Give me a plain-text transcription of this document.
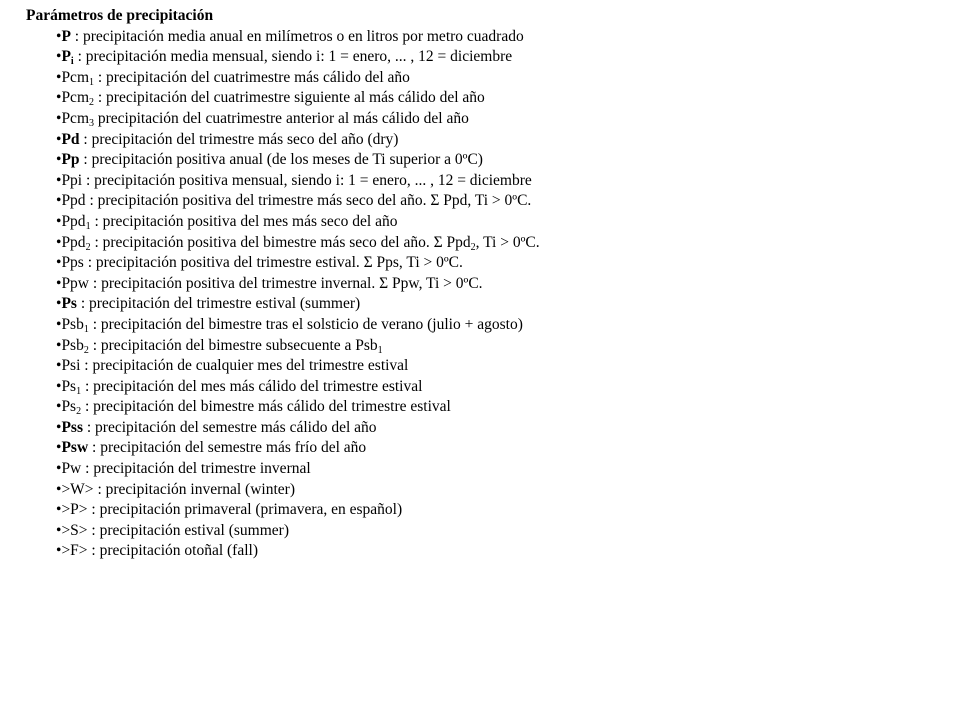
Parámetros de precipitación
•P : precipitación media anual en milímetros o en litros por metro cuadrado
$•P_i$ : precipitación media mensual, siendo i: 1 = enero, ... , 12 = diciembre
•Pcm$_1$ : precipitación del cuatrimestre más cálido del año
•Pcm$_2$ : precipitación del cuatrimestre siguiente al más cálido del año
•Pcm$_3$ precipitación del cuatrimestre anterior al más cálido del año
•Pd : precipitación del trimestre más seco del año (dry)
•Pp : precipitación positiva anual (de los meses de Ti superior a 0ºC)
•Ppi : precipitación positiva mensual, siendo i: 1 = enero, ... , 12 = diciembre
•Ppd : precipitación positiva del trimestre más seco del año. Σ Ppd, Ti > 0ºC.
•Ppd$_1$ : precipitación positiva del mes más seco del año
•Ppd$_2$ : precipitación positiva del bimestre más seco del año. Σ Ppd$_2$, Ti > 0ºC.
•Pps : precipitación positiva del trimestre estival. Σ Pps, Ti > 0ºC.
•Ppw : precipitación positiva del trimestre invernal. Σ Ppw, Ti > 0ºC.
•Ps : precipitación del trimestre estival (summer)
•Psb$_1$ : precipitación del bimestre tras el solsticio de verano (julio + agosto)
•Psb$_2$ : precipitación del bimestre subsecuente a Psb$_1$
•Psi : precipitación de cualquier mes del trimestre estival
$•Ps_1$ : precipitación del mes más cálido del trimestre estival
$•Ps_2$ : precipitación del bimestre más cálido del trimestre estival
•Pss : precipitación del semestre más cálido del año
•Psw : precipitación del semestre más frío del año
•Pw : precipitación del trimestre invernal
•>W> : precipitación invernal (winter)
•>P> : precipitación primaveral (primavera, en español)
•>S> : precipitación estival (summer)
•>F> : precipitación otoñal (fall)
